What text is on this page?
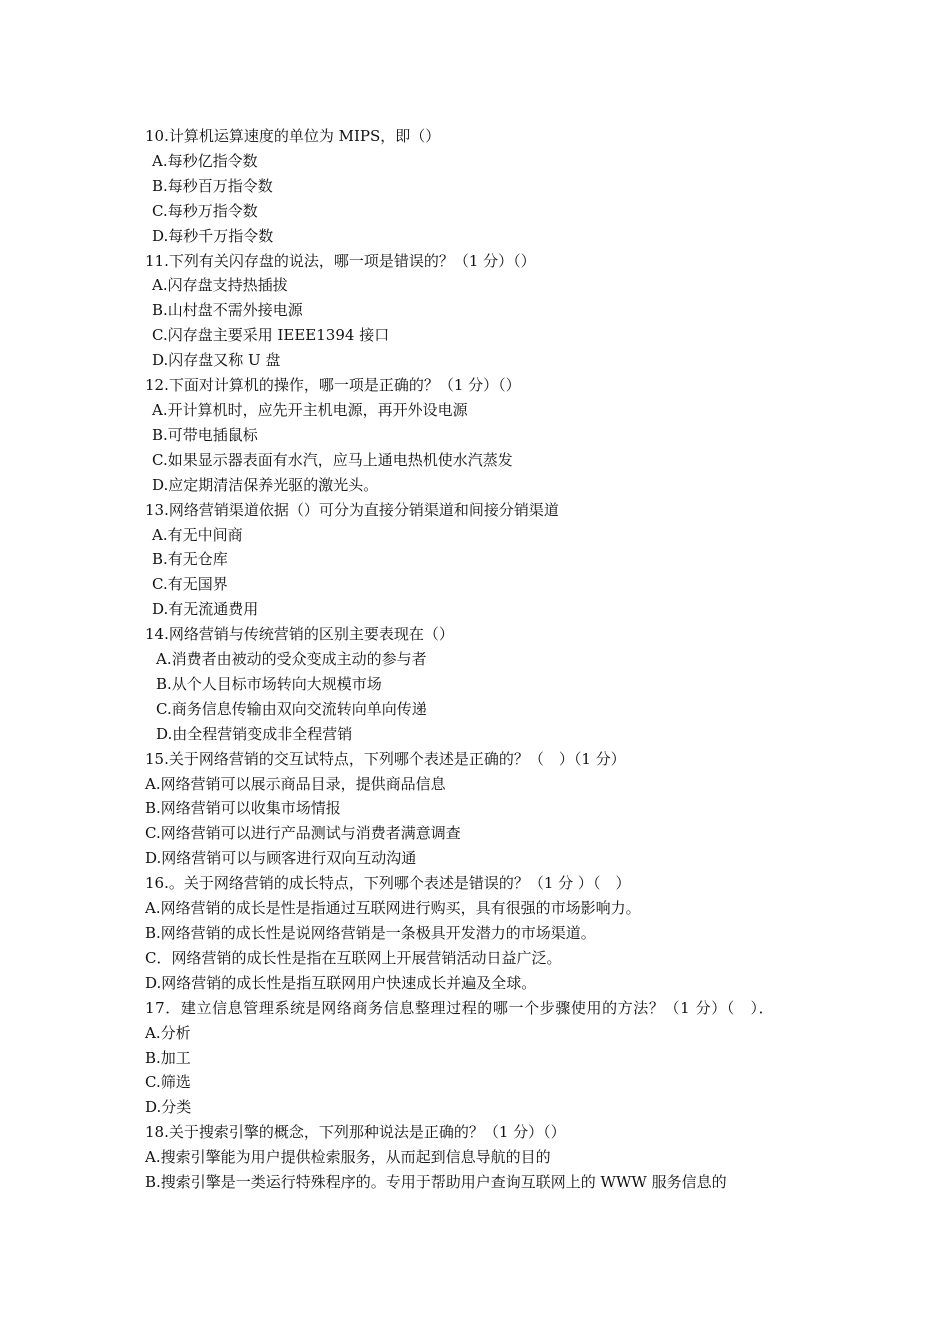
10.计算机运算速度的单位为 MIPS，即（）
A.每秒亿指令数
B.每秒百万指令数
C.每秒万指令数
D.每秒千万指令数
11.下列有关闪存盘的说法，哪一项是错误的？（1 分）（）
A.闪存盘支持热插拔
B.山村盘不需外接电源
C.闪存盘主要采用 IEEE1394 接口
D.闪存盘又称 U 盘
12.下面对计算机的操作，哪一项是正确的？（1 分）（）
A.开计算机时，应先开主机电源，再开外设电源
B.可带电插鼠标
C.如果显示器表面有水汽，应马上通电热机使水汽蒸发
D.应定期清洁保养光驱的激光头。
13.网络营销渠道依据（）可分为直接分销渠道和间接分销渠道
A.有无中间商
B.有无仓库
C.有无国界
D.有无流通费用
14.网络营销与传统营销的区别主要表现在（）
A.消费者由被动的受众变成主动的参与者
B.从个人目标市场转向大规模市场
C.商务信息传输由双向交流转向单向传递
D.由全程营销变成非全程营销
15.关于网络营销的交互试特点，下列哪个表述是正确的？（　）（1 分）
A.网络营销可以展示商品目录，提供商品信息
B.网络营销可以收集市场情报
C.网络营销可以进行产品测试与消费者满意调查
D.网络营销可以与顾客进行双向互动沟通
16.。关于网络营销的成长特点，下列哪个表述是错误的？（1 分 ）（　）
A.网络营销的成长是性是指通过互联网进行购买，具有很强的市场影响力。
B.网络营销的成长性是说网络营销是一条极具开发潜力的市场渠道。
C．网络营销的成长性是指在互联网上开展营销活动日益广泛。
D.网络营销的成长性是指互联网用户快速成长并遍及全球。
17．建立信息管理系统是网络商务信息整理过程的哪一个步骤使用的方法？（1 分）（　）．
A.分析
B.加工
C.筛选
D.分类
18.关于搜索引擎的概念，下列那种说法是正确的？（1 分）（）
A.搜索引擎能为用户提供检索服务，从而起到信息导航的目的
B.搜索引擎是一类运行特殊程序的。专用于帮助用户查询互联网上的 WWW 服务信息的
